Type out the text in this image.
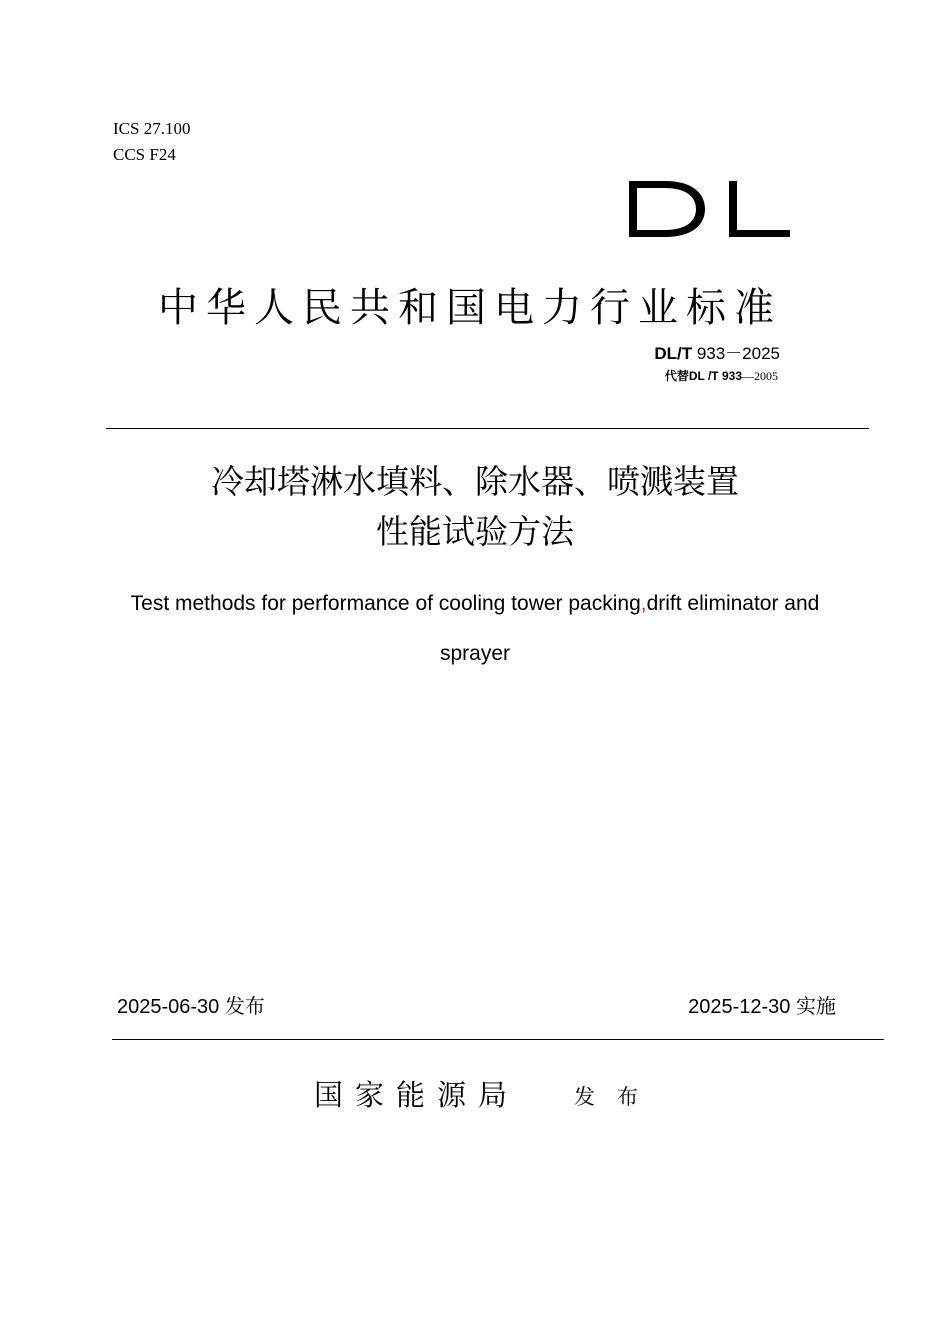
ICS 27.100
CCS F24
中华人民共和国电力行业标准
DL/T 933－2025
代替DL /T 933—2005
冷却塔淋水填料、除水器、喷溅装置
性能试验方法
Test methods for performance of cooling tower packing,drift eliminator and
sprayer
2025-06-30 发布	2025-12-30 实施
国家能源局	发布
